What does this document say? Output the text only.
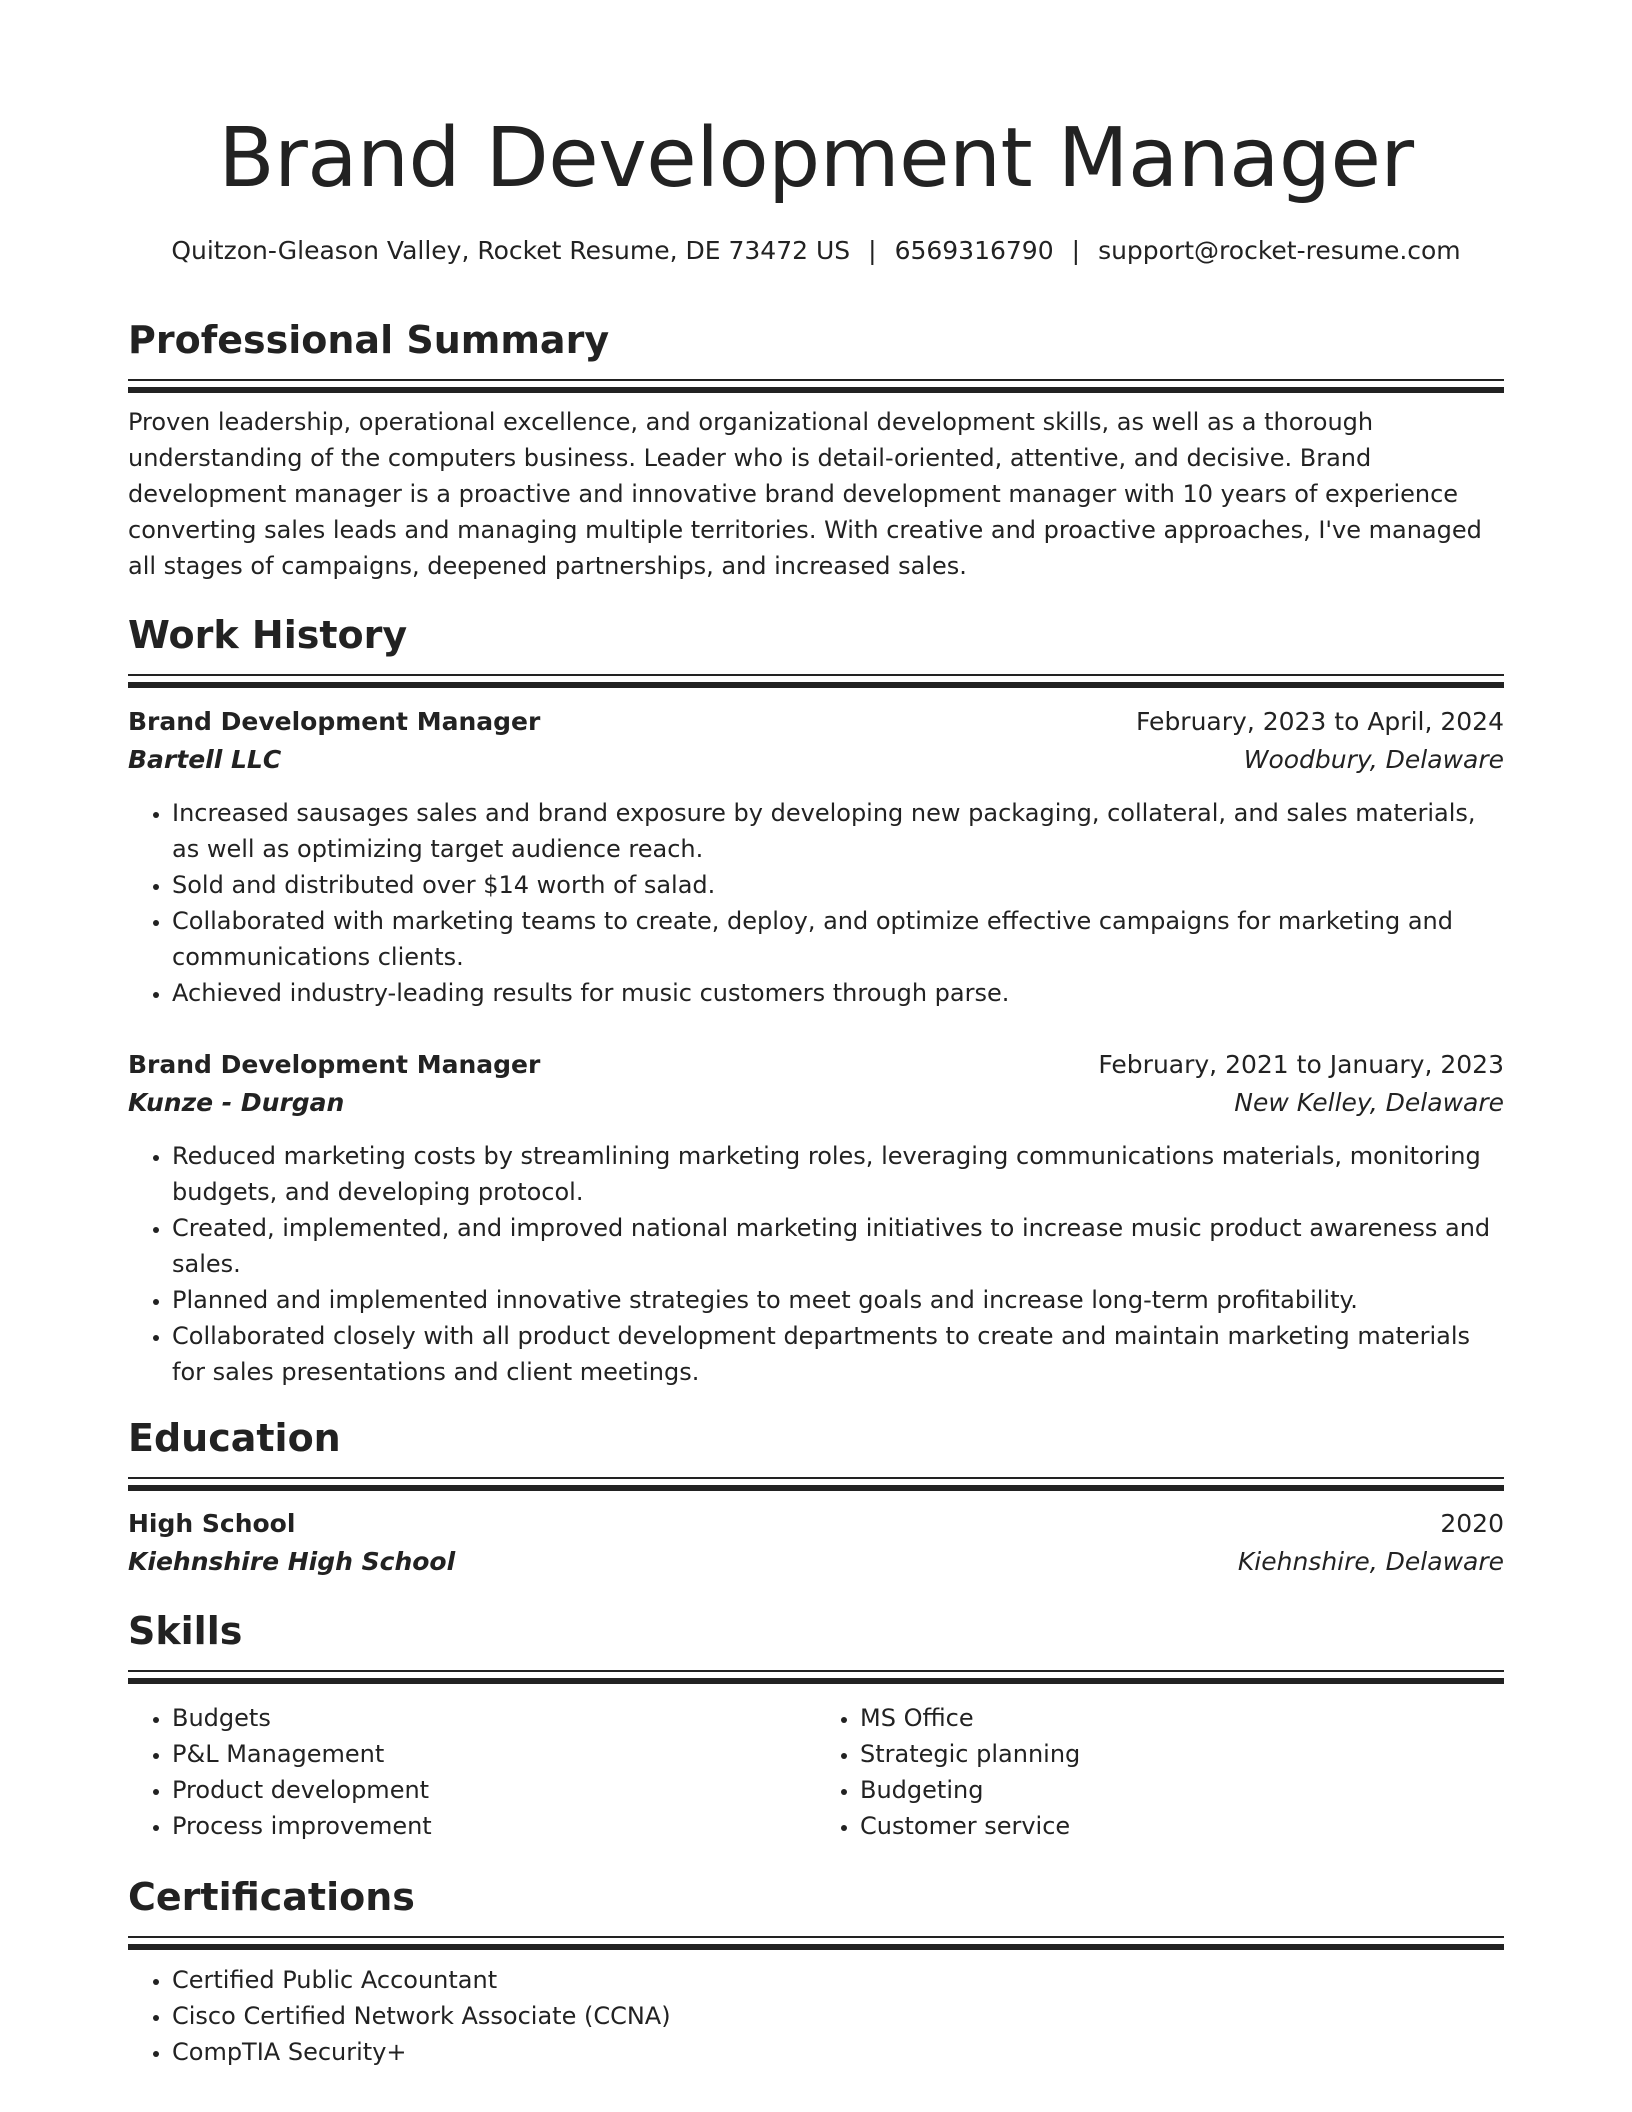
Brand Development Manager
Quitzon-Gleason Valley, Rocket Resume, DE 73472 US | 6569316790 | support@rocket-resume.com
Professional Summary

Proven leadership, operational excellence, and organizational development skills, as well as a thorough understanding of the computers business. Leader who is detail-oriented, attentive, and decisive. Brand development manager is a proactive and innovative brand development manager with 10 years of experience converting sales leads and managing multiple territories. With creative and proactive approaches, I've managed all stages of campaigns, deepened partnerships, and increased sales.

Work History
Brand Development Manager	February, 2023 to April, 2024
Bartell LLC	Woodbury, Delaware
• Increased sausages sales and brand exposure by developing new packaging, collateral, and sales materials, as well as optimizing target audience reach.
• Sold and distributed over $14 worth of salad.
• Collaborated with marketing teams to create, deploy, and optimize effective campaigns for marketing and communications clients.
• Achieved industry-leading results for music customers through parse.
Brand Development Manager	February, 2021 to January, 2023
Kunze - Durgan	New Kelley, Delaware
• Reduced marketing costs by streamlining marketing roles, leveraging communications materials, monitoring budgets, and developing protocol.
• Created, implemented, and improved national marketing initiatives to increase music product awareness and sales.
• Planned and implemented innovative strategies to meet goals and increase long-term profitability.
• Collaborated closely with all product development departments to create and maintain marketing materials for sales presentations and client meetings.
Education
High School	2020
Kiehnshire High School	Kiehnshire, Delaware
Skills
• Budgets
• P&L Management
• Product development
• Process improvement
• MS Office
• Strategic planning
• Budgeting
• Customer service
Certifications
• Certified Public Accountant
• Cisco Certified Network Associate (CCNA)
• CompTIA Security+
